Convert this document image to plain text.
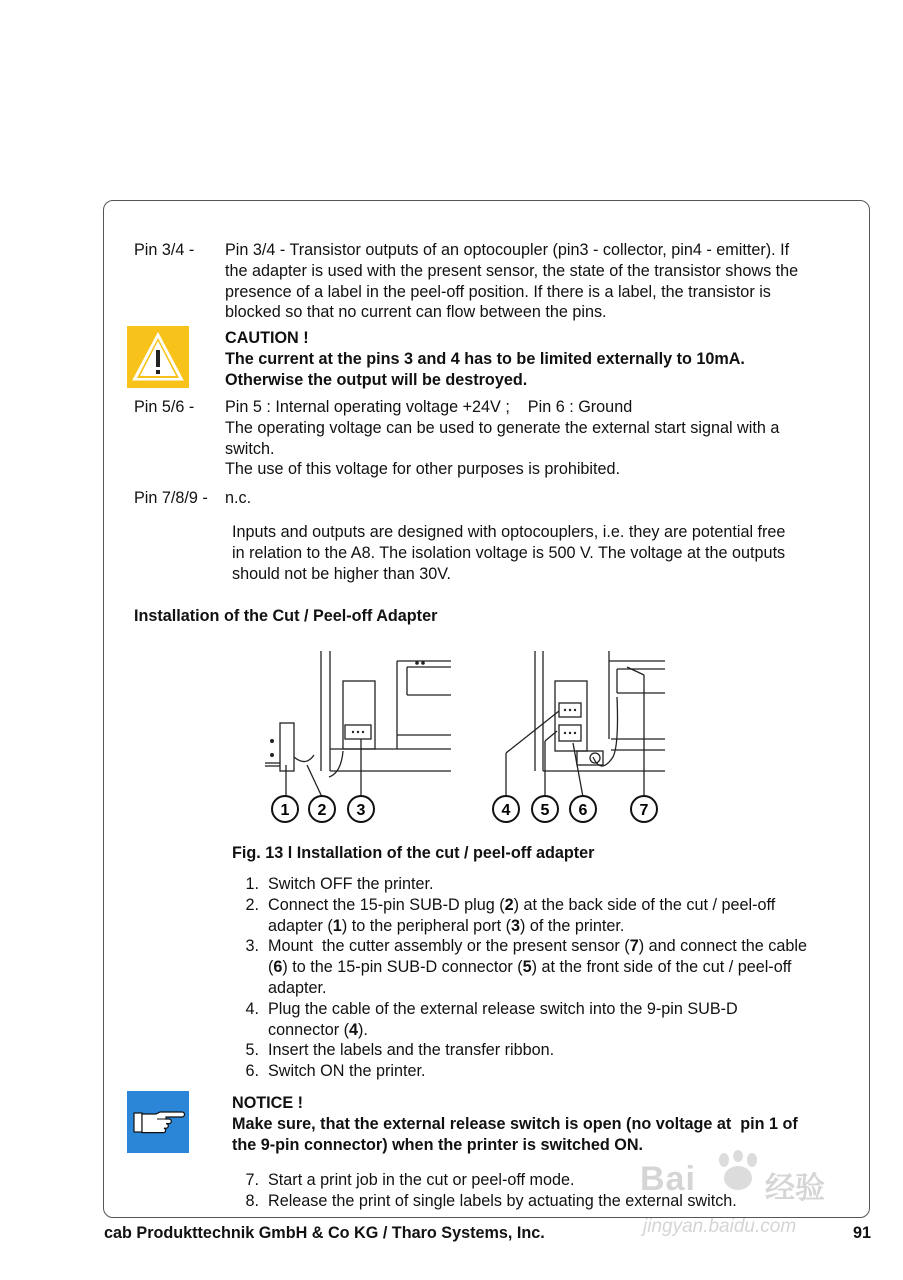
Pin 3/4 - Pin 3/4 - Transistor outputs of an optocoupler (pin3 - collector, pin4 - emitter). If
the adapter is used with the present sensor, the state of the transistor shows the
presence of a label in the peel-off position. If there is a label, the transistor is
blocked so that no current can flow between the pins.
CAUTION !
The current at the pins 3 and 4 has to be limited externally to 10mA.
Otherwise the output will be destroyed.
Pin 5/6 - Pin 5 : Internal operating voltage +24V ;    Pin 6 : Ground
The operating voltage can be used to generate the external start signal with a
switch.
The use of this voltage for other purposes is prohibited.
Pin 7/8/9 - n.c.
Inputs and outputs are designed with optocouplers, i.e. they are potential free
in relation to the A8. The isolation voltage is 500 V. The voltage at the outputs
should not be higher than 30V.
Installation of the Cut / Peel-off Adapter
1 2 3	4 5 6	7
Fig. 13 l Installation of the cut / peel-off adapter
1. Switch OFF the printer.
2. Connect the 15-pin SUB-D plug (2) at the back side of the cut / peel-off
adapter (1) to the peripheral port (3) of the printer.
3. Mount  the cutter assembly or the present sensor (7) and connect the cable
(6) to the 15-pin SUB-D connector (5) at the front side of the cut / peel-off
adapter.
4. Plug the cable of the external release switch into the 9-pin SUB-D
connector (4).
5. Insert the labels and the transfer ribbon.
6. Switch ON the printer.
NOTICE !
Make sure, that the external release switch is open (no voltage at  pin 1 of
the 9-pin connector) when the printer is switched ON.
7. Start a print job in the cut or peel-off mode.
8. Release the print of single labels by actuating the external switch.
Bai 经验
jingyan.baidu.com
cab Produkttechnik GmbH & Co KG / Tharo Systems, Inc.	91
